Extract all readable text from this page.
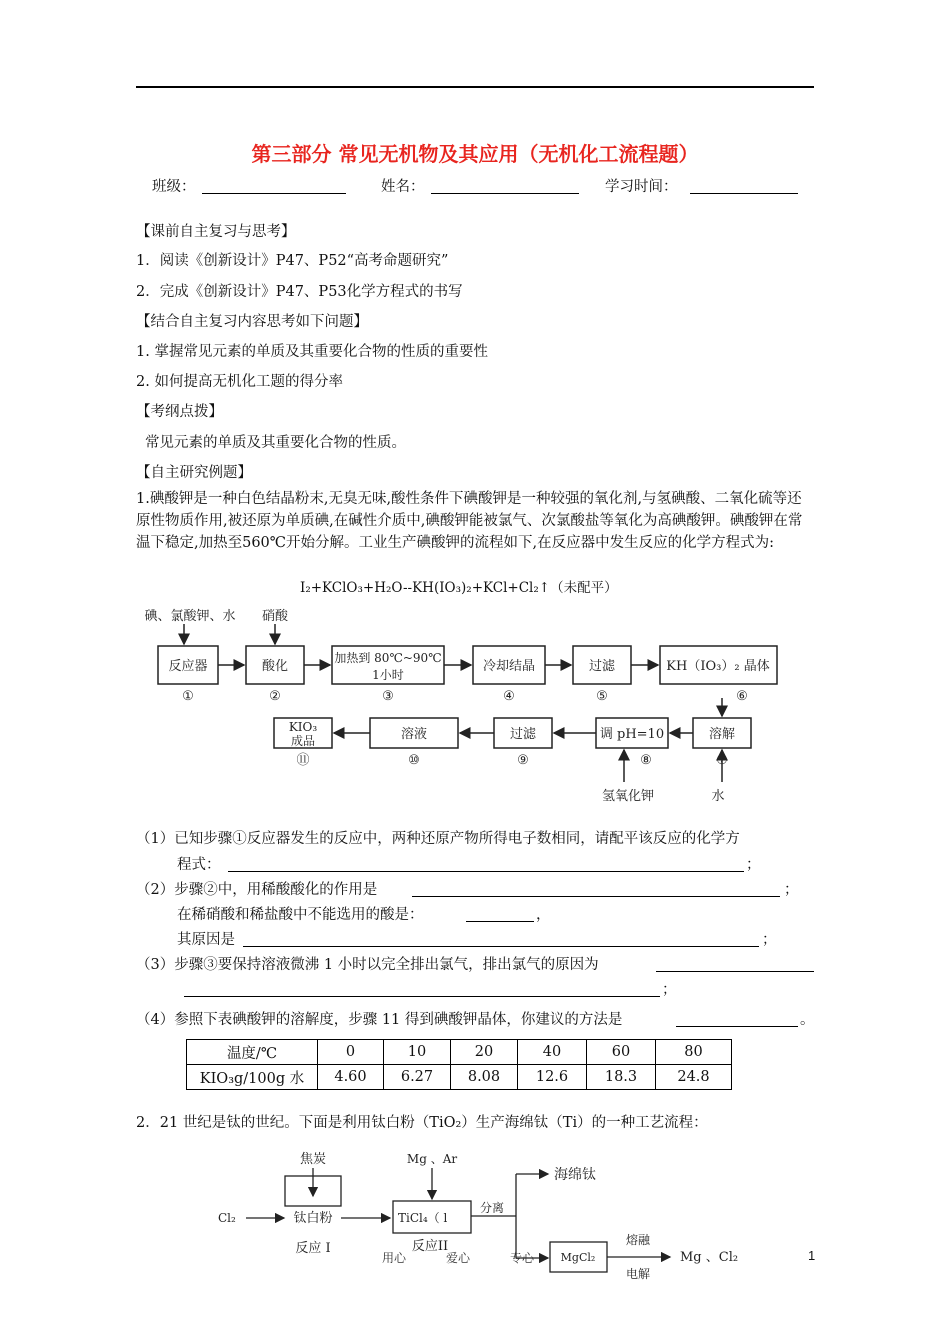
第三部分 常见无机物及其应用（无机化工流程题）
班级：	姓名：	学习时间：
【课前自主复习与思考】
1．阅读《创新设计》P47、P52“高考命题研究”
2．完成《创新设计》P47、P53化学方程式的书写
【结合自主复习内容思考如下问题】
1. 掌握常见元素的单质及其重要化合物的性质的重要性
2. 如何提高无机化工题的得分率
【考纲点拨】
常见元素的单质及其重要化合物的性质。
【自主研究例题】
1.碘酸钾是一种白色结晶粉末,无臭无味,酸性条件下碘酸钾是一种较强的氧化剂,与氢碘酸、二氧化硫等还原性物质作用,被还原为单质碘,在碱性介质中,碘酸钾能被氯气、次氯酸盐等氧化为高碘酸钾。碘酸钾在常温下稳定,加热至560℃开始分解。工业生产碘酸钾的流程如下,在反应器中发生反应的化学方程式为:
I₂+KClO₃+H₂O--KH(IO₃)₂+KCl+Cl₂↑（未配平）
碘、氯酸钾、水 硝酸
反应器
①
酸化
②
加热到 80℃~90℃
1小时
③
冷却结晶
④
过滤
⑤
KH（IO₃）₂ 晶体
⑥
溶解
⑦
调 pH=10
⑧
过滤
⑨
溶液
⑩
KIO₃
成品
⑪
氢氧化钾	水
（1）已知步骤①反应器发生的反应中，两种还原产物所得电子数相同，请配平该反应的化学方
程式：	；
（2）步骤②中，用稀酸酸化的作用是	；
在稀硝酸和稀盐酸中不能选用的酸是：	，
其原因是	；
（3）步骤③要保持溶液微沸 1 小时以完全排出氯气，排出氯气的原因为
；
（4）参照下表碘酸钾的溶解度，步骤 11 得到碘酸钾晶体，你建议的方法是	。
温度/℃	0	10	20	40	60	80
KIO₃g/100g 水	4.60	6.27	8.08	12.6	18.3	24.8
2．21 世纪是钛的世纪。下面是利用钛白粉（TiO₂）生产海绵钛（Ti）的一种工艺流程：
焦炭
Cl₂	钛白粉
反应 I
Mg 、Ar
TiCl₄（ l
反应II
分离
海绵钛
MgCl₂
熔融
电解
Mg 、Cl₂
用心	爱心	专心	1
